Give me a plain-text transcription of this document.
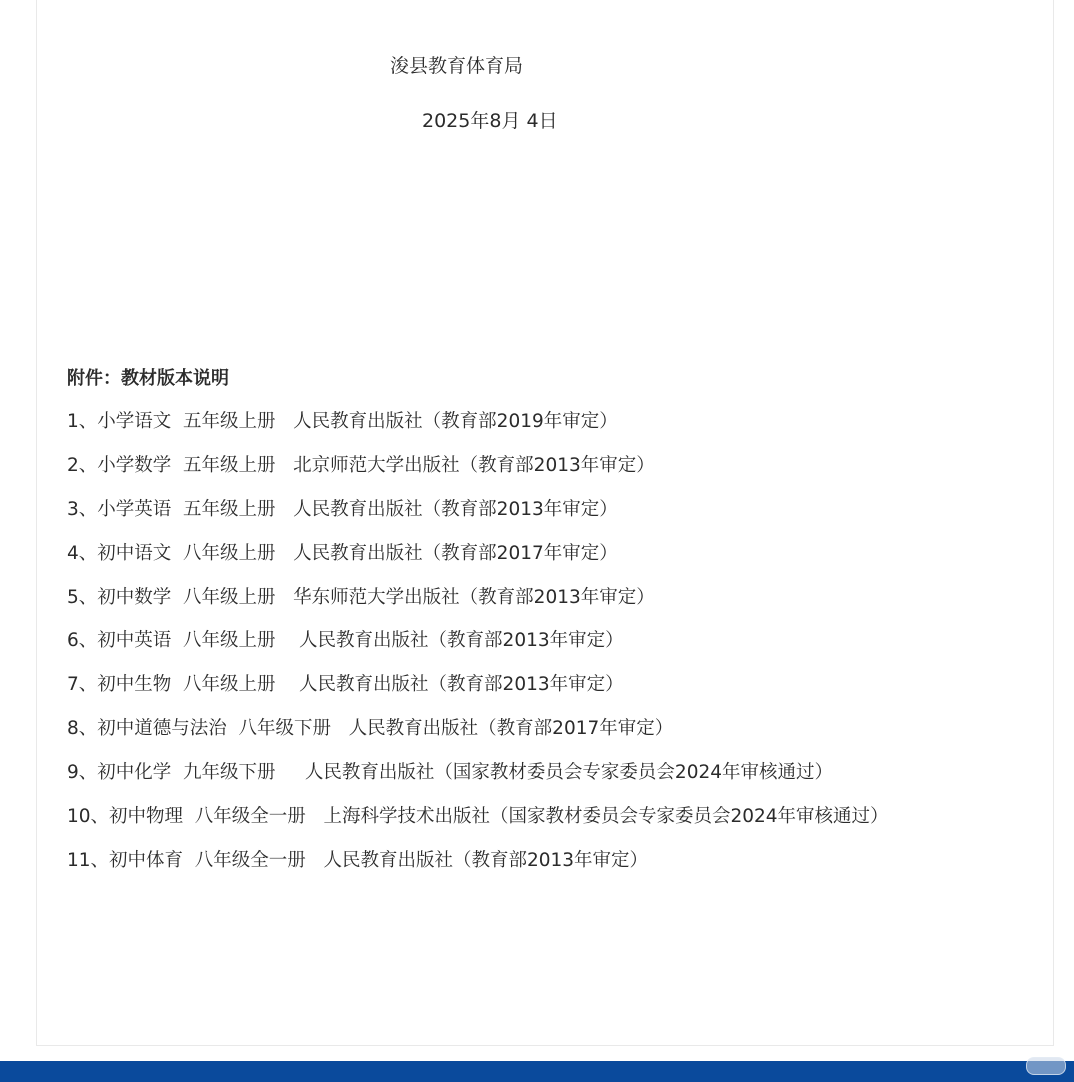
浚县教育体育局
2025年8月 4日
附件：教材版本说明
1、小学语文  五年级上册   人民教育出版社（教育部2019年审定）
2、小学数学  五年级上册   北京师范大学出版社（教育部2013年审定）
3、小学英语  五年级上册   人民教育出版社（教育部2013年审定）
4、初中语文  八年级上册   人民教育出版社（教育部2017年审定）
5、初中数学  八年级上册   华东师范大学出版社（教育部2013年审定）
6、初中英语  八年级上册    人民教育出版社（教育部2013年审定）
7、初中生物  八年级上册    人民教育出版社（教育部2013年审定）
8、初中道德与法治  八年级下册   人民教育出版社（教育部2017年审定）
9、初中化学  九年级下册     人民教育出版社（国家教材委员会专家委员会2024年审核通过）
10、初中物理  八年级全一册   上海科学技术出版社（国家教材委员会专家委员会2024年审核通过）
11、初中体育  八年级全一册   人民教育出版社（教育部2013年审定）
